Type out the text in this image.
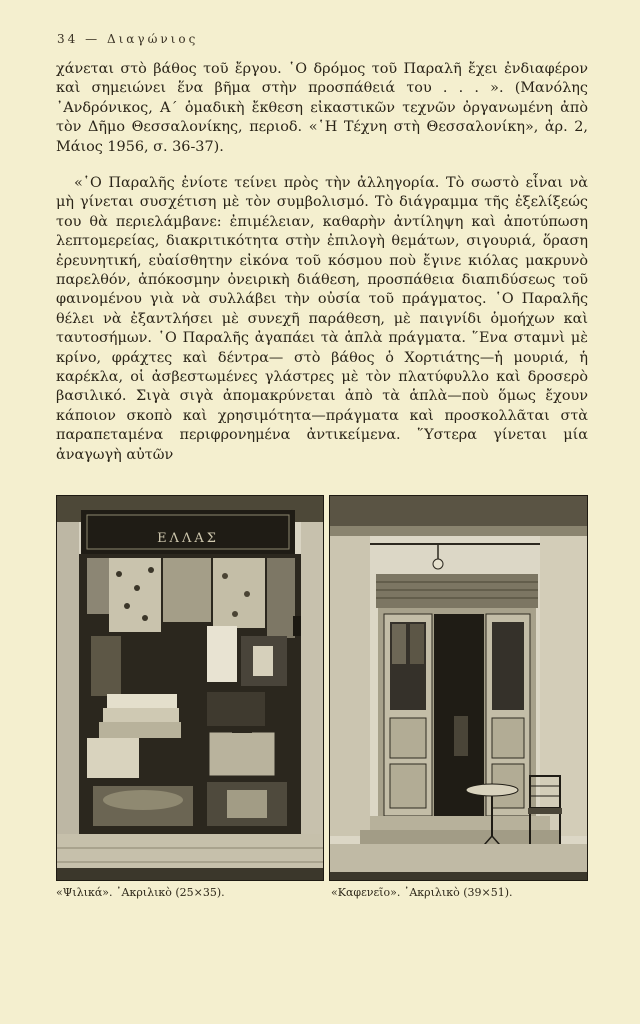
34 — Διαγώνιος

χάνεται στὸ βάθος τοῦ ἔργου. ῾Ο δρόμος τοῦ Παραλῆ ἔχει ἐνδιαφέρον καὶ σημειώνει ἕνα βῆμα στὴν προσπάθειά του . . . ». (Μανόλης ᾽Ανδρόνικος, Α΄ ὁμαδικὴ ἔκθεση εἰκαστικῶν τεχνῶν ὀργανωμένη ἀπὸ τὸν Δῆμο Θεσσαλονίκης, περιοδ. «῾Η Τέχνη στὴ Θεσσαλονίκη», ἀρ. 2, Μάιος 1956, σ. 36-37).

«῾Ο Παραλῆς ἐνίοτε τείνει πρὸς τὴν ἀλληγορία. Τὸ σωστὸ εἶναι νὰ μὴ γίνεται συσχέτιση μὲ τὸν συμβολισμό. Τὸ διάγραμμα τῆς ἐξελίξεώς του θὰ περιελάμβανε: ἐπιμέλειαν, καθαρὴν ἀντίληψη καὶ ἀποτύπωση λεπτομερείας, διακριτικότητα στὴν ἐπιλογὴ θεμάτων, σιγουριά, ὅραση ἐρευνητική, εὐαίσθητην εἰκόνα τοῦ κόσμου ποὺ ἔγινε κιόλας μακρυνὸ παρελθόν, ἀπόκοσμην ὀνειρικὴ διάθεση, προσπάθεια διαπιδύσεως τοῦ φαινομένου γιὰ νὰ συλλάβει τὴν οὐσία τοῦ πράγματος. ῾Ο Παραλῆς θέλει νὰ ἐξαντλήσει μὲ συνεχῆ παράθεση, μὲ παιγνίδι ὁμοήχων καὶ ταυτοσήμων. ῾Ο Παραλῆς ἀγαπάει τὰ ἁπλὰ πράγματα. ῞Ενα σταμνὶ μὲ κρίνο, φράχτες καὶ δέντρα— στὸ βάθος ὁ Χορτιάτης—ἡ μουριά, ἡ καρέκλα, οἱ ἀσβεστωμένες γλάστρες μὲ τὸν πλατύφυλλο καὶ δροσερὸ βασιλικό. Σιγὰ σιγὰ ἀπομακρύνεται ἀπὸ τὰ ἁπλὰ—ποὺ ὅμως ἔχουν κάποιον σκοπὸ καὶ χρησιμότητα—πράγματα καὶ προσκολλᾶται στὰ παραπεταμένα περιφρονημένα ἀντικείμενα. ῞Υστερα γίνεται μία ἀναγωγὴ αὐτῶν

ΕΛΛΑΣ
«Ψιλικά». ᾽Ακριλικὸ (25×35).	«Καφενεῖο». ᾽Ακριλικὸ (39×51).
